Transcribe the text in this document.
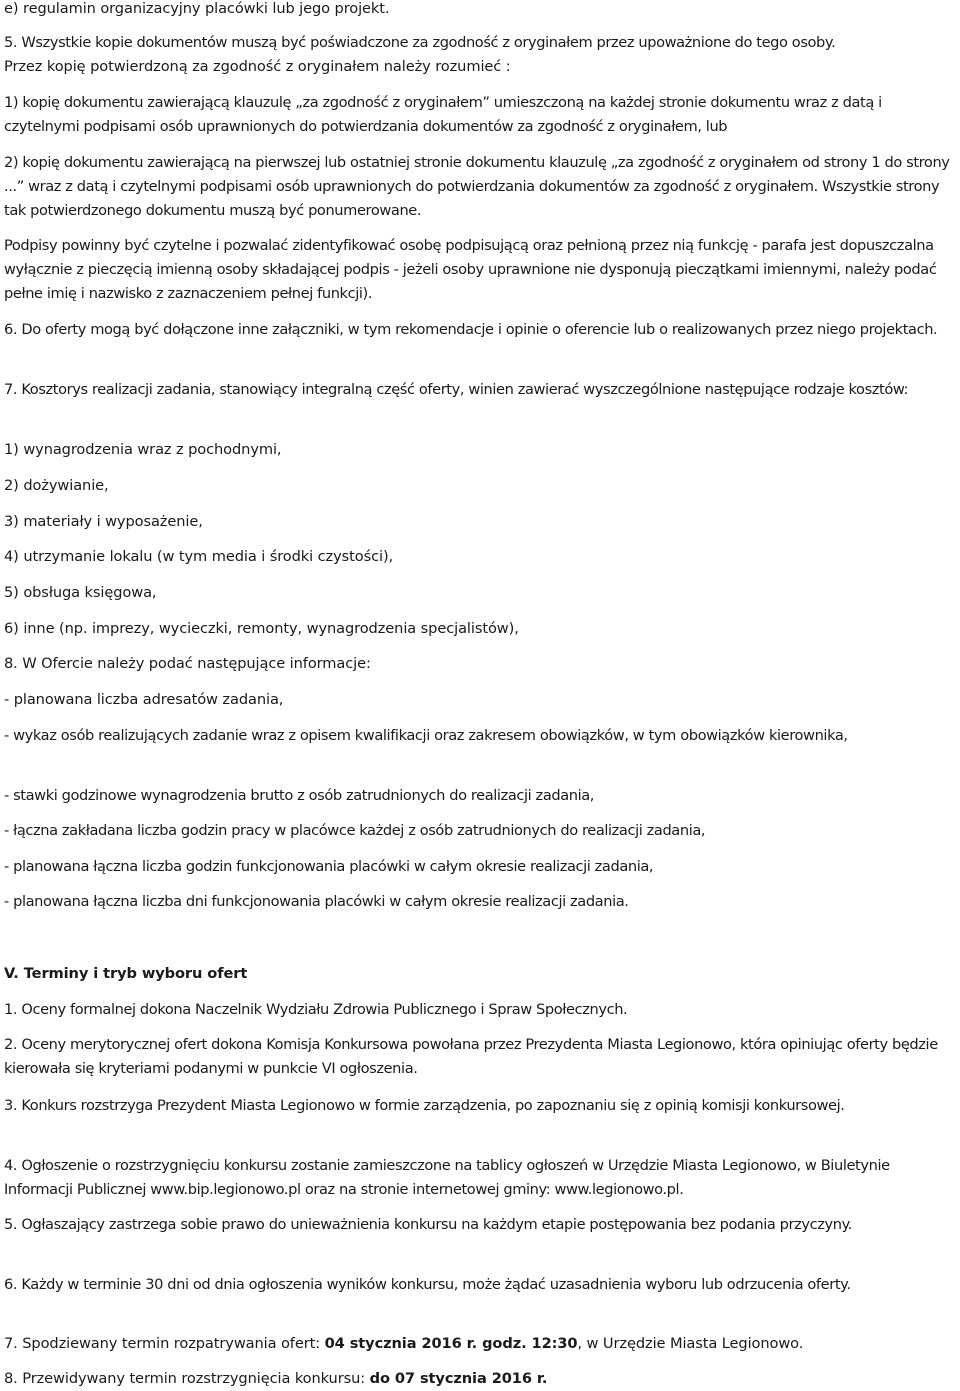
e) regulamin organizacyjny placówki lub jego projekt.

5. Wszystkie kopie dokumentów muszą być poświadczone za zgodność z oryginałem przez upoważnione do tego osoby.

Przez kopię potwierdzoną za zgodność z oryginałem należy rozumieć :

1) kopię dokumentu zawierającą klauzulę „za zgodność z oryginałem” umieszczoną na każdej stronie dokumentu wraz z datą i czytelnymi podpisami osób uprawnionych do potwierdzania dokumentów za zgodność z oryginałem, lub

2) kopię dokumentu zawierającą na pierwszej lub ostatniej stronie dokumentu klauzulę „za zgodność z oryginałem od strony 1 do strony ...” wraz z datą i czytelnymi podpisami osób uprawnionych do potwierdzania dokumentów za zgodność z oryginałem. Wszystkie strony tak potwierdzonego dokumentu muszą być ponumerowane.

Podpisy powinny być czytelne i pozwalać zidentyfikować osobę podpisującą oraz pełnioną przez nią funkcję - parafa jest dopuszczalna wyłącznie z pieczęcią imienną osoby składającej podpis - jeżeli osoby uprawnione nie dysponują pieczątkami imiennymi, należy podać pełne imię i nazwisko z zaznaczeniem pełnej funkcji).

6. Do oferty mogą być dołączone inne załączniki, w tym rekomendacje i opinie o oferencie lub o realizowanych przez niego projektach.

7. Kosztorys realizacji zadania, stanowiący integralną część oferty, winien zawierać wyszczególnione następujące rodzaje kosztów:

1) wynagrodzenia wraz z pochodnymi,

2) dożywianie,

3) materiały i wyposażenie,

4) utrzymanie lokalu (w tym media i środki czystości),

5) obsługa księgowa,

6) inne (np. imprezy, wycieczki, remonty, wynagrodzenia specjalistów),

8. W Ofercie należy podać następujące informacje:

- planowana liczba adresatów zadania,

- wykaz osób realizujących zadanie wraz z opisem kwalifikacji oraz zakresem obowiązków, w tym obowiązków kierownika,

- stawki godzinowe wynagrodzenia brutto z osób zatrudnionych do realizacji zadania,

- łączna zakładana liczba godzin pracy w placówce każdej z osób zatrudnionych do realizacji zadania,

- planowana łączna liczba godzin funkcjonowania placówki w całym okresie realizacji zadania,

- planowana łączna liczba dni funkcjonowania placówki w całym okresie realizacji zadania.

V. Terminy i tryb wyboru ofert

1. Oceny formalnej dokona Naczelnik Wydziału Zdrowia Publicznego i Spraw Społecznych.

2. Oceny merytorycznej ofert dokona Komisja Konkursowa powołana przez Prezydenta Miasta Legionowo, która opiniując oferty będzie kierowała się kryteriami podanymi w punkcie VI ogłoszenia.

3. Konkurs rozstrzyga Prezydent Miasta Legionowo w formie zarządzenia, po zapoznaniu się z opinią komisji konkursowej.

4. Ogłoszenie o rozstrzygnięciu konkursu zostanie zamieszczone na tablicy ogłoszeń w Urzędzie Miasta Legionowo, w Biuletynie Informacji Publicznej www.bip.legionowo.pl oraz na stronie internetowej gminy: www.legionowo.pl.

5. Ogłaszający zastrzega sobie prawo do unieważnienia konkursu na każdym etapie postępowania bez podania przyczyny.

6. Każdy w terminie 30 dni od dnia ogłoszenia wyników konkursu, może żądać uzasadnienia wyboru lub odrzucenia oferty.

7. Spodziewany termin rozpatrywania ofert: 04 stycznia 2016 r. godz. 12:30, w Urzędzie Miasta Legionowo.

8. Przewidywany termin rozstrzygnięcia konkursu: do 07 stycznia 2016 r.
